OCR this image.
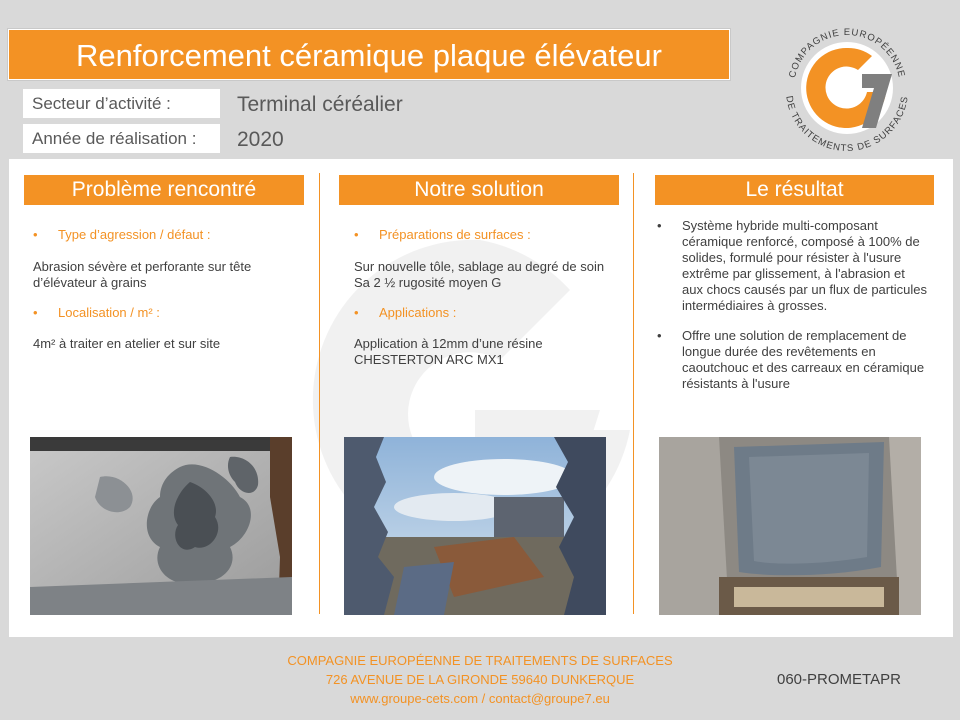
Renforcement céramique plaque élévateur
Secteur d’activité :	Terminal céréalier
Année de réalisation :	2020
COMPAGNIE EUROPÉENNE
DE TRAITEMENTS DE SURFACES
Problème rencontré	Notre solution	Le résultat
•	Type d’agression / défaut :
Abrasion sévère et perforante sur tête d’élévateur à grains
•	Localisation / m² :
4m² à traiter en atelier et sur site
•	Préparations de surfaces :
Sur nouvelle tôle, sablage au degré de soin Sa 2 ½ rugosité moyen G
•	Applications :
Application à 12mm d’une résine CHESTERTON ARC MX1
•	Système hybride multi-composant céramique renforcé, composé à 100% de solides, formulé pour résister à l'usure extrême par glissement, à l'abrasion et aux chocs causés par un flux de particules intermédiaires à grosses.
•	Offre une solution de remplacement de longue durée des revêtements en caoutchouc et des carreaux en céramique résistants à l'usure
COMPAGNIE EUROPÉENNE DE TRAITEMENTS DE SURFACES
726 AVENUE DE LA GIRONDE 59640 DUNKERQUE
www.groupe-cets.com / contact@groupe7.eu
060-PROMETAPR
